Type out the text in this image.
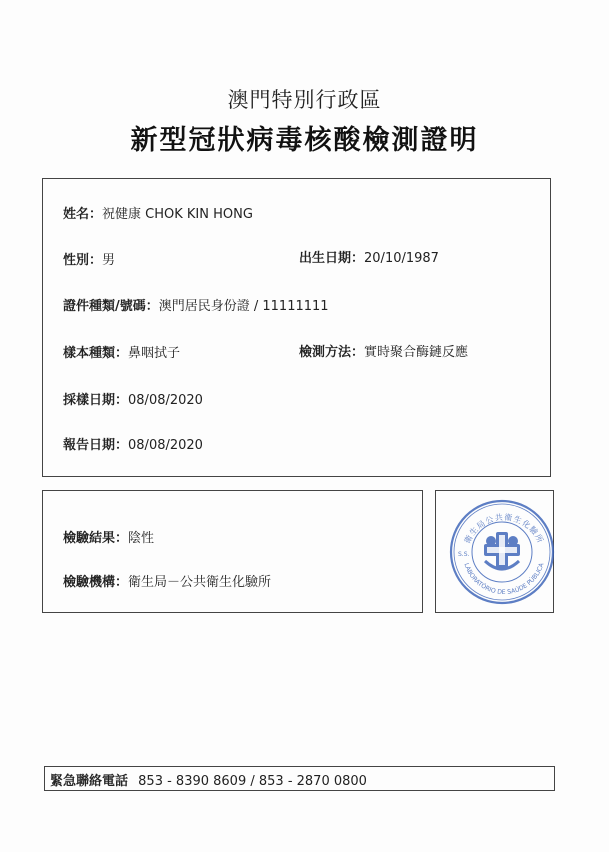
澳門特別行政區
新型冠狀病毒核酸檢測證明
姓名：祝健康 CHOK KIN HONG
性別：男	出生日期：20/10/1987
證件種類/號碼：澳門居民身份證 / 11111111
樣本種類：鼻咽拭子	檢測方法：實時聚合酶鏈反應
採樣日期：08/08/2020
報告日期：08/08/2020
檢驗結果：陰性
檢驗機構：衛生局－公共衛生化驗所
衛生局公共衛生化驗所
LABORATÓRIO DE SAÚDE PÚBLICA
S.S.
緊急聯絡電話 853 - 8390 8609 / 853 - 2870 0800
